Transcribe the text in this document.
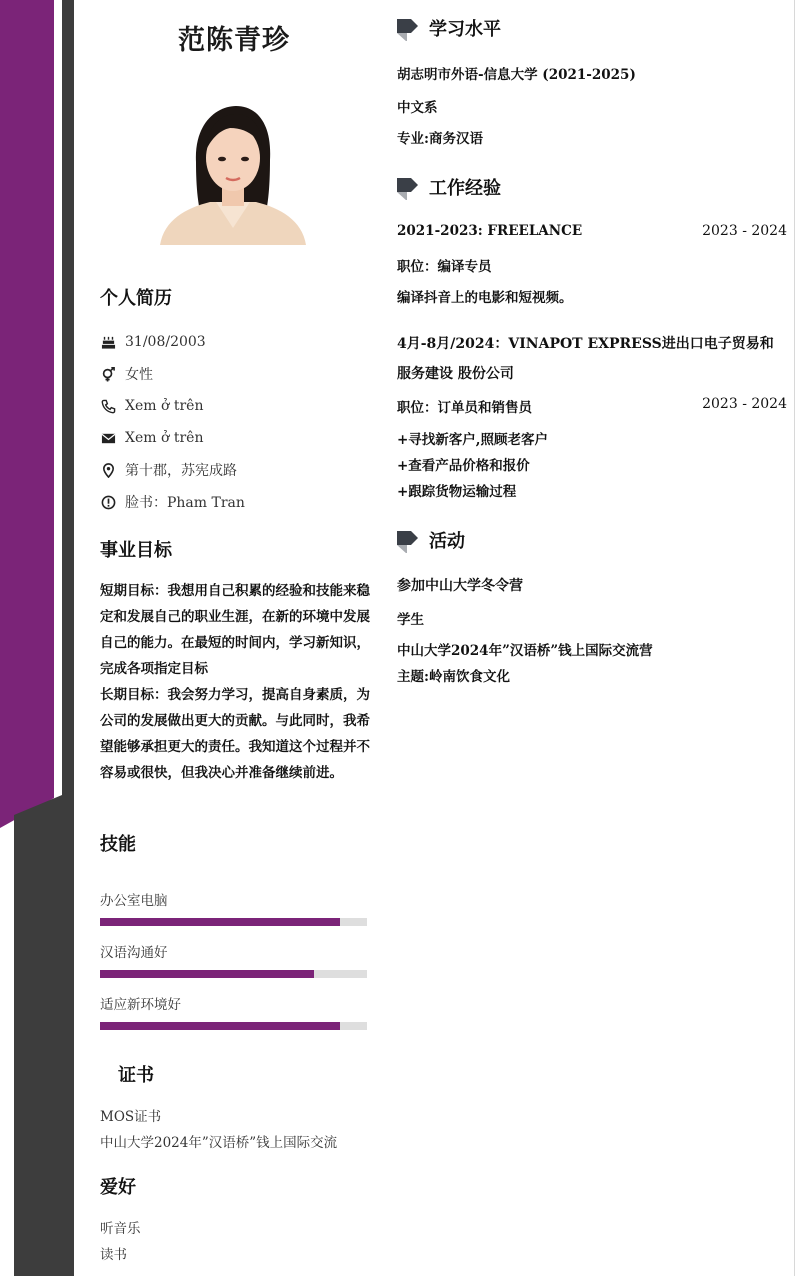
范陈青珍
个人简历
31/08/2003
女性
Xem ở trên
Xem ở trên
第十郡，苏宪成路
脸书：Pham Tran
事业目标

短期目标：我想用自己积累的经验和技能来稳定和发展自己的职业生涯，在新的环境中发展自己的能力。在最短的时间内，学习新知识，完成各项指定目标

长期目标：我会努力学习，提高自身素质，为公司的发展做出更大的贡献。与此同时，我希望能够承担更大的责任。我知道这个过程并不容易或很快，但我决心并准备继续前进。

技能
办公室电脑
汉语沟通好
适应新环境好
证书
MOS证书
中山大学2024年”汉语桥”钱上国际交流
爱好
听音乐
读书
学习水平
胡志明市外语-信息大学 (2021-2025)
中文系
专业:商务汉语
工作经验
2021-2023: FREELANCE	2023 - 2024
职位：编译专员
编译抖音上的电影和短视频。
4月-8月/2024：VINAPOT EXPRESS进出口电子贸易和服务建设 股份公司
职位：订单员和销售员	2023 - 2024
+寻找新客户,照顾老客户
+查看产品价格和报价
+跟踪货物运输过程
活动
参加中山大学冬令营
学生
中山大学2024年”汉语桥”钱上国际交流营
主题:岭南饮食文化
